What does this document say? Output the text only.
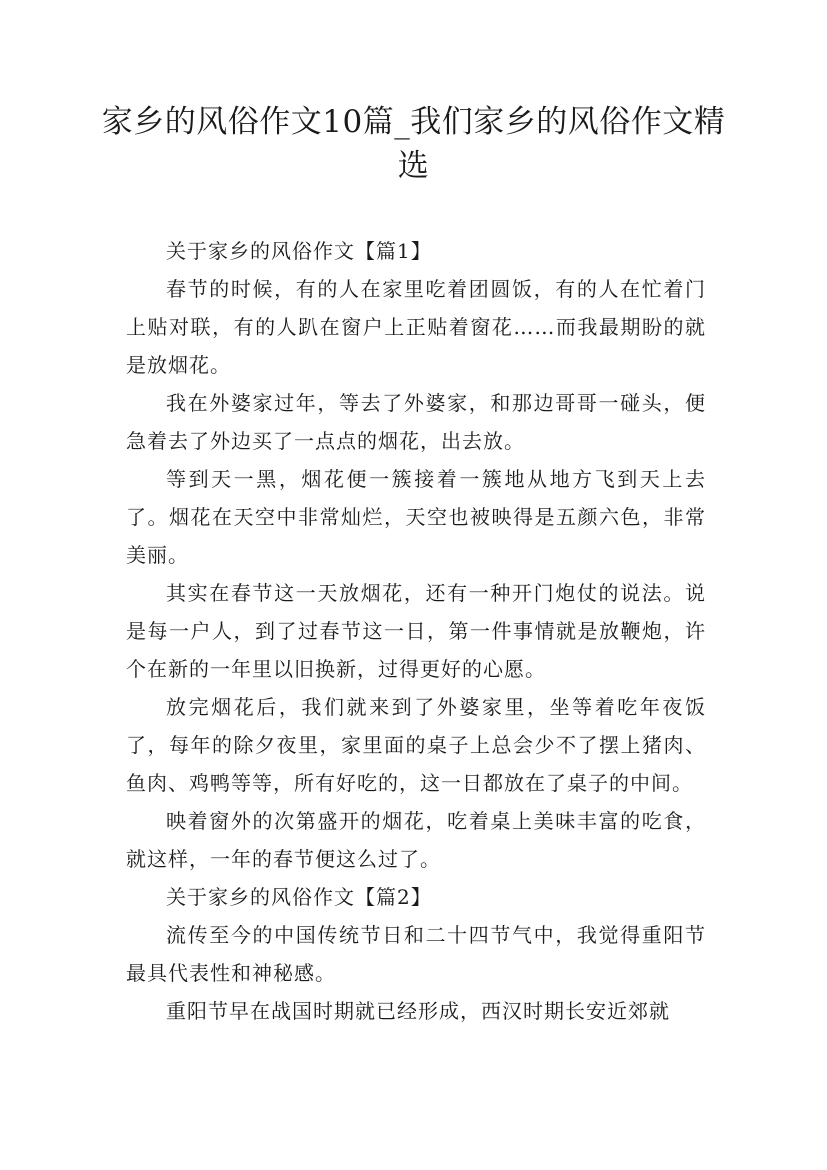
家乡的风俗作文10篇_我们家乡的风俗作文精选

关于家乡的风俗作文【篇1】

春节的时候，有的人在家里吃着团圆饭，有的人在忙着门上贴对联，有的人趴在窗户上正贴着窗花……而我最期盼的就是放烟花。

我在外婆家过年，等去了外婆家，和那边哥哥一碰头，便急着去了外边买了一点点的烟花，出去放。

等到天一黑，烟花便一簇接着一簇地从地方飞到天上去了。烟花在天空中非常灿烂，天空也被映得是五颜六色，非常美丽。

其实在春节这一天放烟花，还有一种开门炮仗的说法。说是每一户人，到了过春节这一日，第一件事情就是放鞭炮，许个在新的一年里以旧换新，过得更好的心愿。

放完烟花后，我们就来到了外婆家里，坐等着吃年夜饭了，每年的除夕夜里，家里面的桌子上总会少不了摆上猪肉、鱼肉、鸡鸭等等，所有好吃的，这一日都放在了桌子的中间。

映着窗外的次第盛开的烟花，吃着桌上美味丰富的吃食，就这样，一年的春节便这么过了。

关于家乡的风俗作文【篇2】

流传至今的中国传统节日和二十四节气中，我觉得重阳节最具代表性和神秘感。

重阳节早在战国时期就已经形成，西汉时期长安近郊就
